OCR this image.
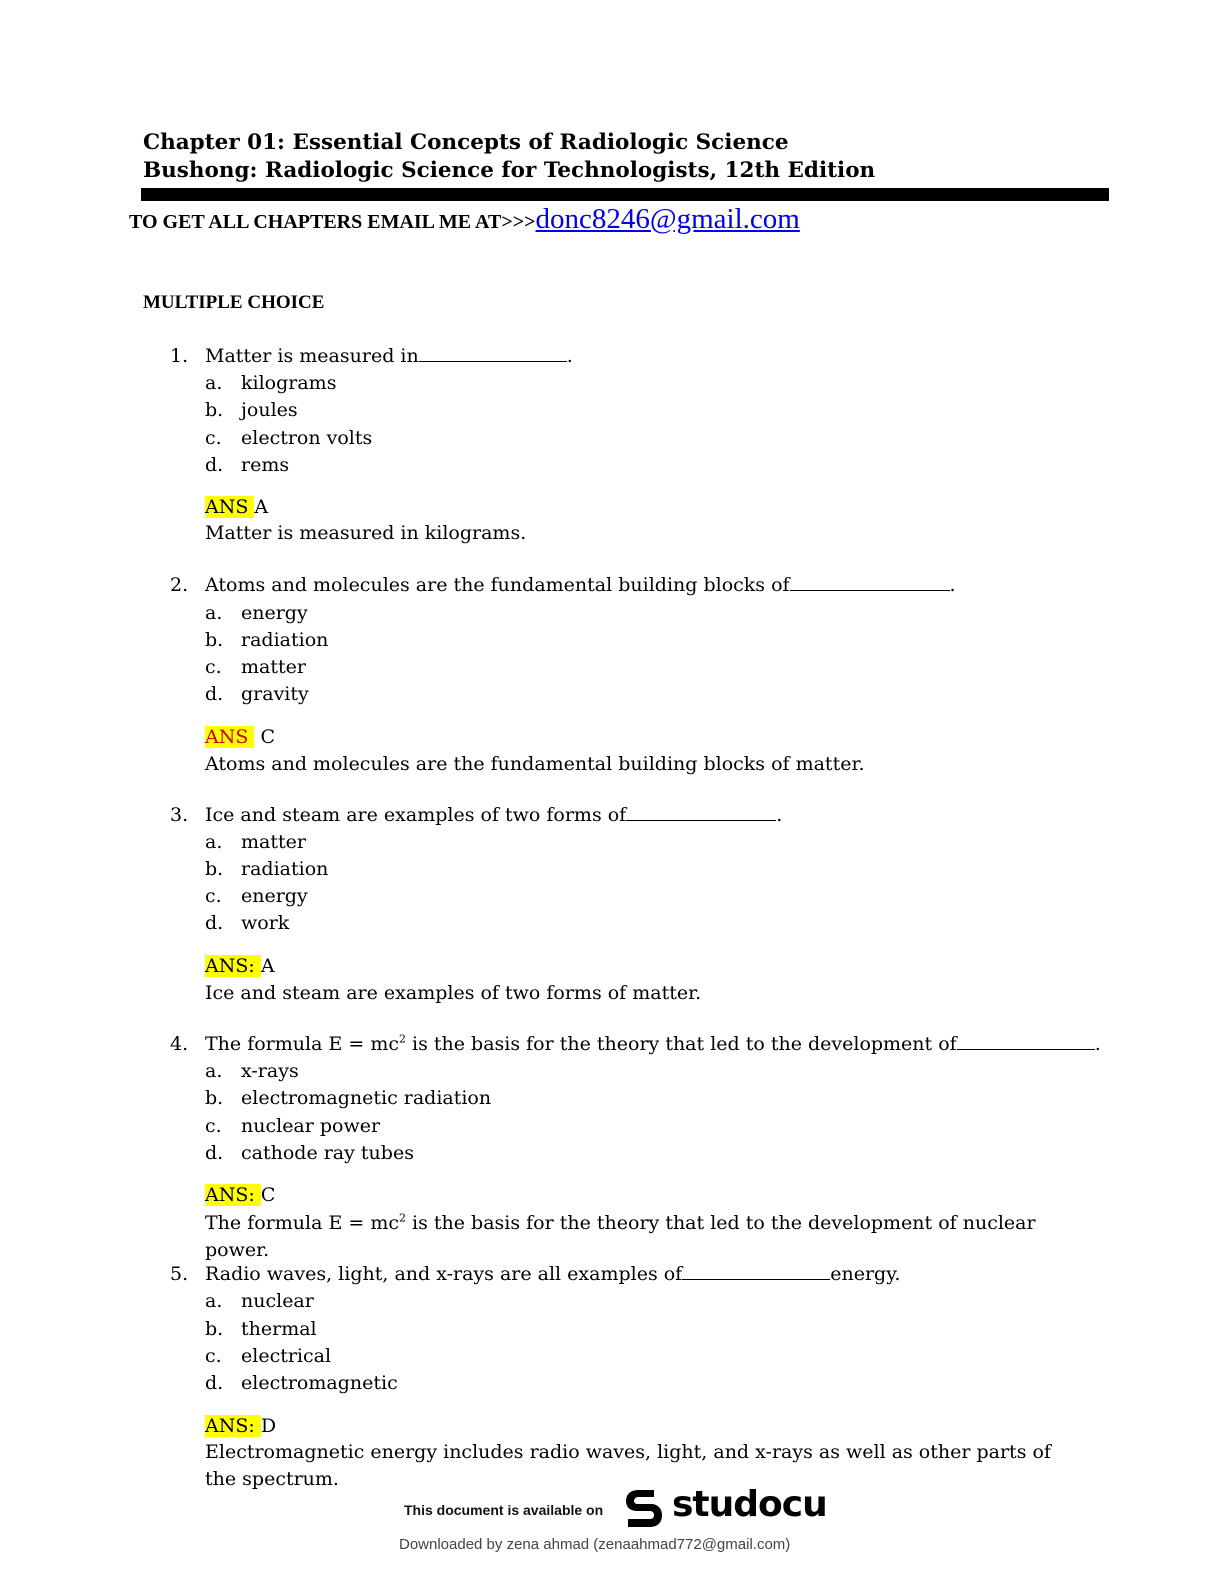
Chapter 01: Essential Concepts of Radiologic Science
Bushong: Radiologic Science for Technologists, 12th Edition
TO GET ALL CHAPTERS EMAIL ME AT>>>donc8246@gmail.com
MULTIPLE CHOICE
1. Matter is measured in	.
a. kilograms
b. joules
c. electron volts
d. rems
ANS A
Matter is measured in kilograms.
2. Atoms and molecules are the fundamental building blocks of	.
a. energy
b. radiation
c. matter
d. gravity
ANS C
Atoms and molecules are the fundamental building blocks of matter.
3. Ice and steam are examples of two forms of	.
a. matter
b. radiation
c. energy
d. work
ANS: A
Ice and steam are examples of two forms of matter.
4. The formula $E = mc^2$ is the basis for the theory that led to the development of	.
a. x-rays
b. electromagnetic radiation
c. nuclear power
d. cathode ray tubes
ANS: C
The formula $E = mc^2$ is the basis for the theory that led to the development of nuclear power.
5. Radio waves, light, and x-rays are all examples of	energy.
a. nuclear
b. thermal
c. electrical
d. electromagnetic
ANS: D
Electromagnetic energy includes radio waves, light, and x-rays as well as other parts of the spectrum.
This document is available on studocu
Downloaded by zena ahmad (zenaahmad772@gmail.com)
